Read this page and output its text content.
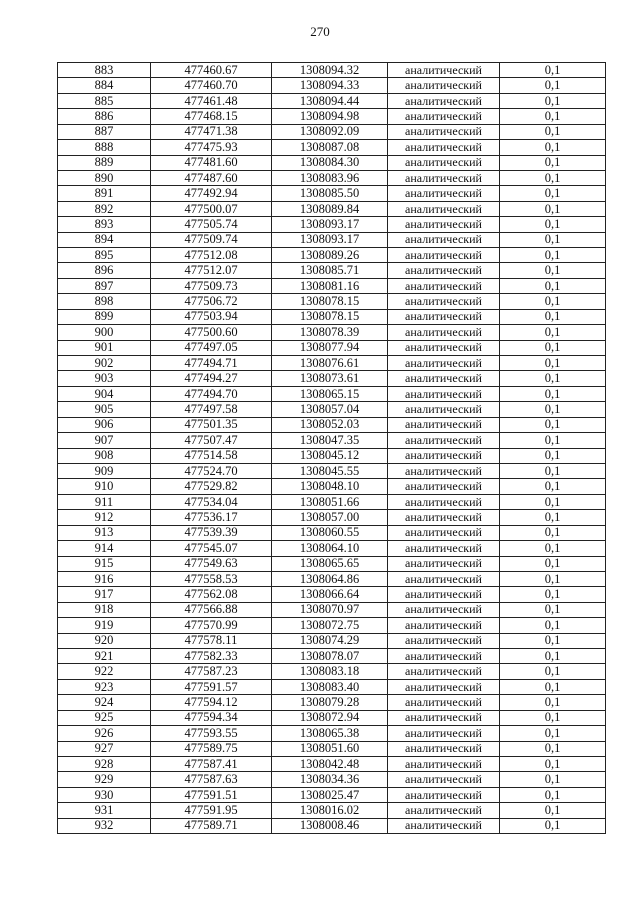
270
883	477460.67	1308094.32	аналитический	0,1
884	477460.70	1308094.33	аналитический	0,1
885	477461.48	1308094.44	аналитический	0,1
886	477468.15	1308094.98	аналитический	0,1
887	477471.38	1308092.09	аналитический	0,1
888	477475.93	1308087.08	аналитический	0,1
889	477481.60	1308084.30	аналитический	0,1
890	477487.60	1308083.96	аналитический	0,1
891	477492.94	1308085.50	аналитический	0,1
892	477500.07	1308089.84	аналитический	0,1
893	477505.74	1308093.17	аналитический	0,1
894	477509.74	1308093.17	аналитический	0,1
895	477512.08	1308089.26	аналитический	0,1
896	477512.07	1308085.71	аналитический	0,1
897	477509.73	1308081.16	аналитический	0,1
898	477506.72	1308078.15	аналитический	0,1
899	477503.94	1308078.15	аналитический	0,1
900	477500.60	1308078.39	аналитический	0,1
901	477497.05	1308077.94	аналитический	0,1
902	477494.71	1308076.61	аналитический	0,1
903	477494.27	1308073.61	аналитический	0,1
904	477494.70	1308065.15	аналитический	0,1
905	477497.58	1308057.04	аналитический	0,1
906	477501.35	1308052.03	аналитический	0,1
907	477507.47	1308047.35	аналитический	0,1
908	477514.58	1308045.12	аналитический	0,1
909	477524.70	1308045.55	аналитический	0,1
910	477529.82	1308048.10	аналитический	0,1
911	477534.04	1308051.66	аналитический	0,1
912	477536.17	1308057.00	аналитический	0,1
913	477539.39	1308060.55	аналитический	0,1
914	477545.07	1308064.10	аналитический	0,1
915	477549.63	1308065.65	аналитический	0,1
916	477558.53	1308064.86	аналитический	0,1
917	477562.08	1308066.64	аналитический	0,1
918	477566.88	1308070.97	аналитический	0,1
919	477570.99	1308072.75	аналитический	0,1
920	477578.11	1308074.29	аналитический	0,1
921	477582.33	1308078.07	аналитический	0,1
922	477587.23	1308083.18	аналитический	0,1
923	477591.57	1308083.40	аналитический	0,1
924	477594.12	1308079.28	аналитический	0,1
925	477594.34	1308072.94	аналитический	0,1
926	477593.55	1308065.38	аналитический	0,1
927	477589.75	1308051.60	аналитический	0,1
928	477587.41	1308042.48	аналитический	0,1
929	477587.63	1308034.36	аналитический	0,1
930	477591.51	1308025.47	аналитический	0,1
931	477591.95	1308016.02	аналитический	0,1
932	477589.71	1308008.46	аналитический	0,1
